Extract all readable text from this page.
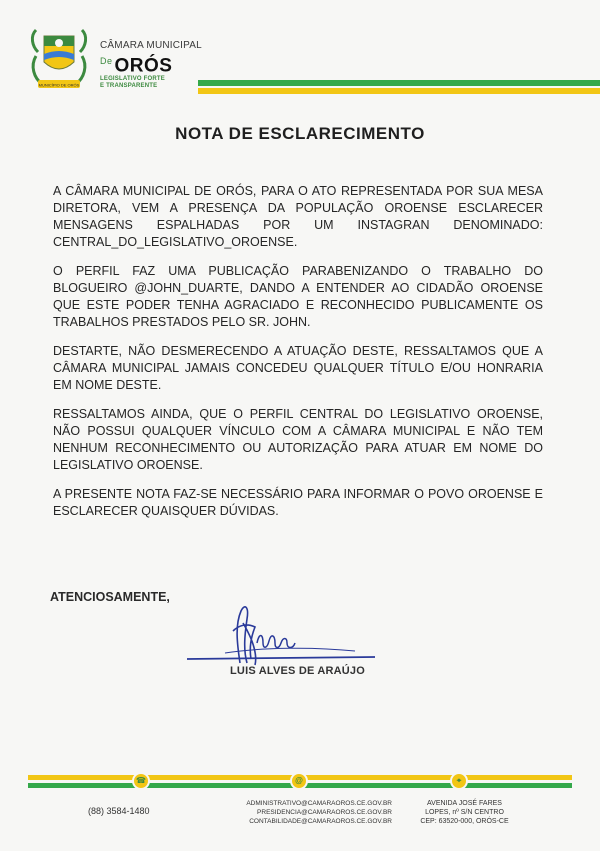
MUNICÍPIO DE ORÓS
CÂMARA MUNICIPAL
$^{De}$ ORÓS
LEGISLATIVO FORTE
E TRANSPARENTE
NOTA DE ESCLARECIMENTO

A CÂMARA MUNICIPAL DE ORÓS, PARA O ATO REPRESENTADA POR SUA MESA DIRETORA, VEM A PRESENÇA DA POPULAÇÃO OROENSE ESCLARECER MENSAGENS ESPALHADAS POR UM INSTAGRAN DENOMINADO: CENTRAL_DO_LEGISLATIVO_OROENSE.

O PERFIL FAZ UMA PUBLICAÇÃO PARABENIZANDO O TRABALHO DO BLOGUEIRO @JOHN_DUARTE, DANDO A ENTENDER AO CIDADÃO OROENSE QUE ESTE PODER TENHA AGRACIADO E RECONHECIDO PUBLICAMENTE OS TRABALHOS PRESTADOS PELO SR. JOHN.

DESTARTE, NÃO DESMERECENDO A ATUAÇÃO DESTE, RESSALTAMOS QUE A CÂMARA MUNICIPAL JAMAIS CONCEDEU QUALQUER TÍTULO E/OU HONRARIA EM NOME DESTE.

RESSALTAMOS AINDA, QUE O PERFIL CENTRAL DO LEGISLATIVO OROENSE, NÃO POSSUI QUALQUER VÍNCULO COM A CÂMARA MUNICIPAL E NÃO TEM NENHUM RECONHECIMENTO OU AUTORIZAÇÃO PARA ATUAR EM NOME DO LEGISLATIVO OROENSE.

A PRESENTE NOTA FAZ-SE NECESSÁRIO PARA INFORMAR O POVO OROENSE E ESCLARECER QUAISQUER DÚVIDAS.

ATENCIOSAMENTE,
LUIS ALVES DE ARAÚJO
☎	@	⌖
(88) 3584-1480
ADMINISTRATIVO@CAMARAOROS.CE.GOV.BR
PRESIDENCIA@CAMARAOROS.CE.GOV.BR
CONTABILIDADE@CAMARAOROS.CE.GOV.BR
AVENIDA JOSÉ FARES
LOPES, nº S/N CENTRO
CEP: 63520-000, ORÓS-CE
